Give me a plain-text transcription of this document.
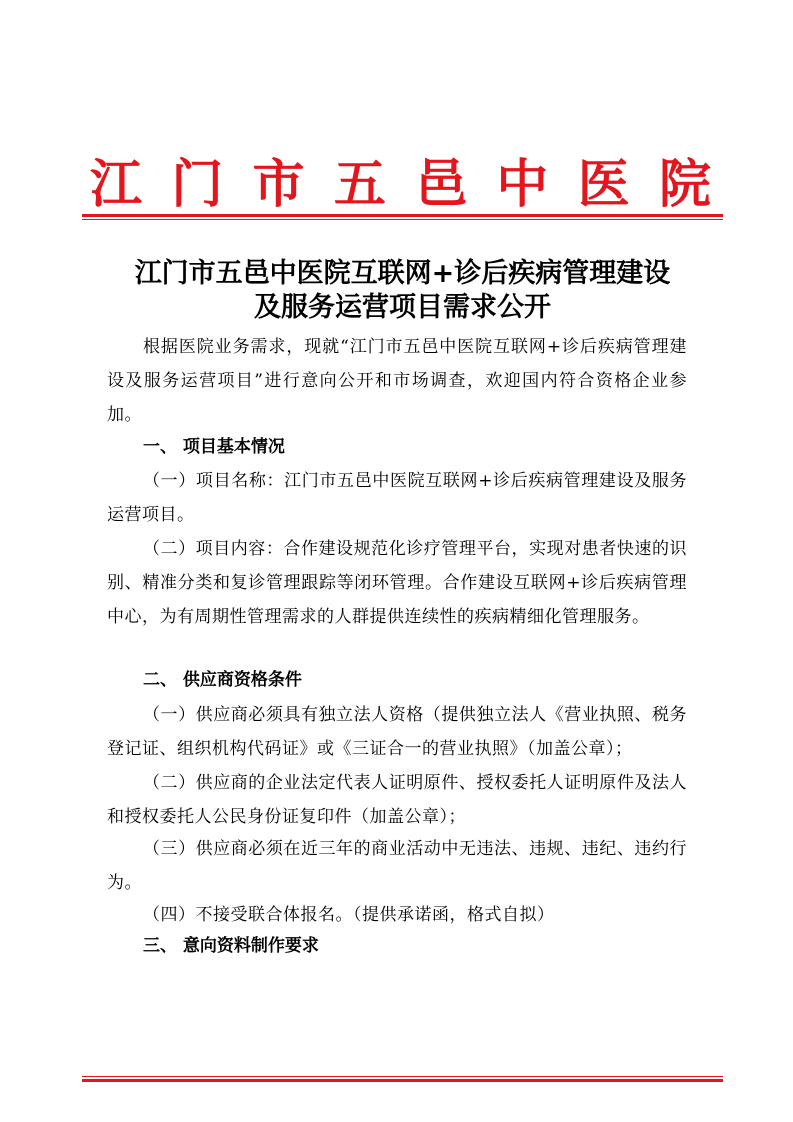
江 门 市 五 邑 中 医 院
江门市五邑中医院互联网+诊后疾病管理建设
及服务运营项目需求公开
根据医院业务需求，现就“江门市五邑中医院互联网+诊后疾病管理建设及服务运营项目”进行意向公开和市场调查，欢迎国内符合资格企业参加。
一、 项目基本情况
（一）项目名称：江门市五邑中医院互联网+诊后疾病管理建设及服务运营项目。
（二）项目内容：合作建设规范化诊疗管理平台，实现对患者快速的识别、精准分类和复诊管理跟踪等闭环管理。合作建设互联网+诊后疾病管理中心，为有周期性管理需求的人群提供连续性的疾病精细化管理服务。
二、 供应商资格条件
（一）供应商必须具有独立法人资格（提供独立法人《营业执照、税务登记证、组织机构代码证》或《三证合一的营业执照》（加盖公章）；
（二）供应商的企业法定代表人证明原件、授权委托人证明原件及法人和授权委托人公民身份证复印件（加盖公章）；
（三）供应商必须在近三年的商业活动中无违法、违规、违纪、违约行为。
（四）不接受联合体报名。（提供承诺函，格式自拟）
三、 意向资料制作要求
